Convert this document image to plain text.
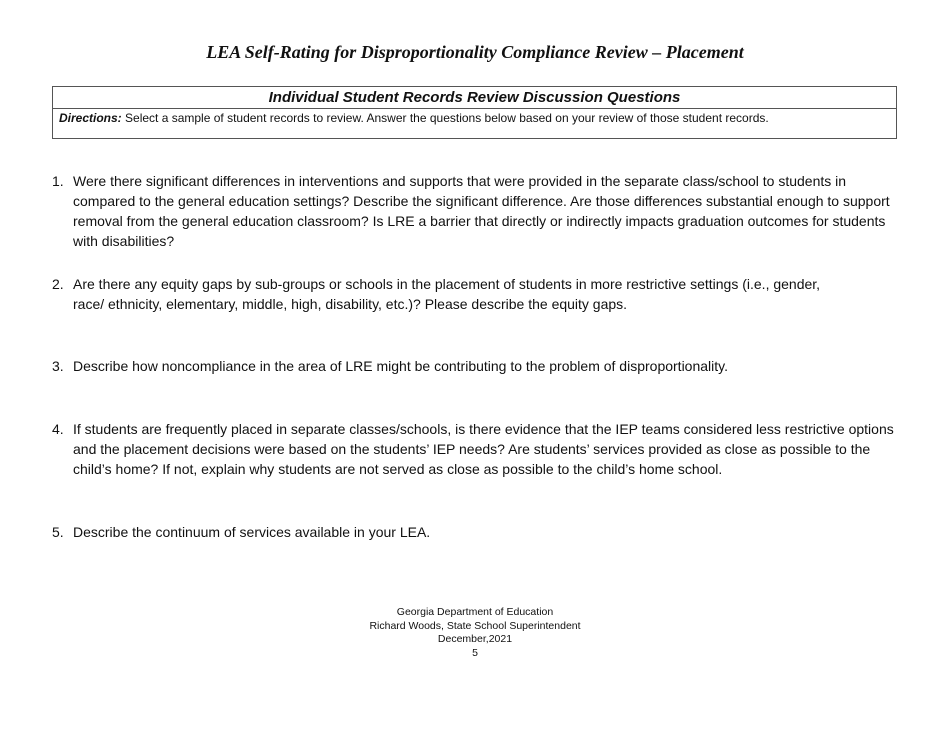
LEA Self-Rating for Disproportionality Compliance Review – Placement
Individual Student Records Review Discussion Questions
Directions: Select a sample of student records to review. Answer the questions below based on your review of those student records.
1. Were there significant differences in interventions and supports that were provided in the separate class/school to students in compared to the general education settings? Describe the significant difference. Are those differences substantial enough to support removal from the general education classroom? Is LRE a barrier that directly or indirectly impacts graduation outcomes for students with disabilities?
2. Are there any equity gaps by sub-groups or schools in the placement of students in more restrictive settings (i.e., gender, race/ ethnicity, elementary, middle, high, disability, etc.)? Please describe the equity gaps.
3. Describe how noncompliance in the area of LRE might be contributing to the problem of disproportionality.
4. If students are frequently placed in separate classes/schools, is there evidence that the IEP teams considered less restrictive options and the placement decisions were based on the students’ IEP needs? Are students’ services provided as close as possible to the child’s home? If not, explain why students are not served as close as possible to the child’s home school.
5. Describe the continuum of services available in your LEA.
Georgia Department of Education
Richard Woods, State School Superintendent
December,2021
5
